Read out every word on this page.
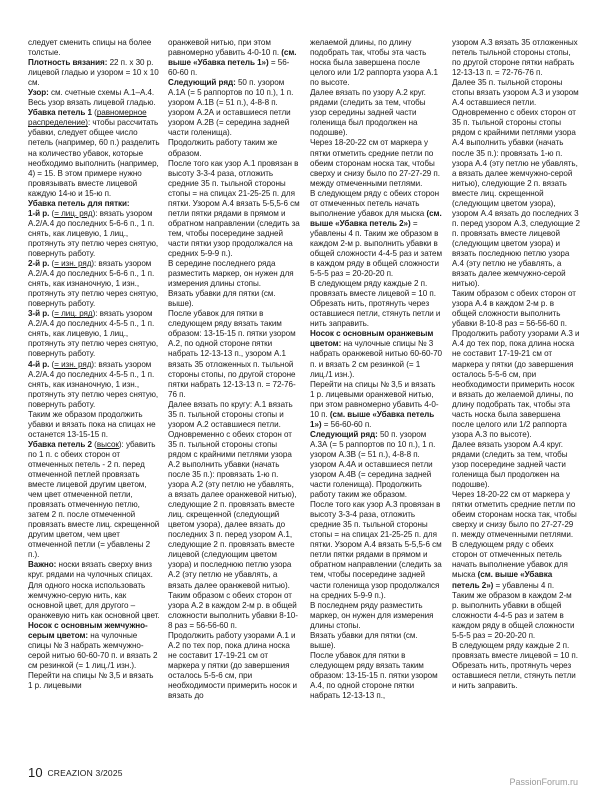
следует сменить спицы на более толстые.

Плотность вязания: 22 п. х 30 р. лицевой гладью и узором = 10 х 10 см.

Узор: см. счетные схемы А.1–А.4. Весь узор вязать лицевой гладью.

Убавка петель 1 (равномерное распределение): чтобы рассчитать убавки, следует общее число петель (например, 60 п.) разделить на количество убавок, которые необходимо выполнить (например, 4) = 15. В этом примере нужно провязывать вместе лицевой каждую 14-ю и 15-ю п.

Убавка петель для пятки:

1-й р. (= лиц. ряд): вязать узором А.2/А.4 до последних 5-6-6 п., 1 п. снять, как лицевую, 1 лиц., протянуть эту петлю через снятую, повернуть работу.

2-й р. (= изн. ряд): вязать узором А.2/А.4 до последних 5-6-6 п., 1 п. снять, как изнаночную, 1 изн., протянуть эту петлю через снятую, повернуть работу.

3-й р. (= лиц. ряд): вязать узором А.2/А.4 до последних 4-5-5 п., 1 п. снять, как лицевую, 1 лиц., протянуть эту петлю через снятую, повернуть работу.

4-й р. (= изн. ряд): вязать узором А.2/А.4 до последних 4-5-5 п., 1 п. снять, как изнаночную, 1 изн., протянуть эту петлю через снятую, повернуть работу.

Таким же образом продолжить убавки и вязать пока на спицах не останется 13-15-15 п.

Убавка петель 2 (высок): убавить по 1 п. с обеих сторон от отмеченных петель - 2 п. перед отмеченной петлей провязать вместе лицевой другим цветом, чем цвет отмеченной петли, провязать отмеченную петлю, затем 2 п. после отмеченной провязать вместе лиц. скрещенной другим цветом, чем цвет отмеченной петли (= убавлены 2 п.).

Важно: носки вязать сверху вниз круг. рядами на чулочных спицах. Для одного носка использовать жемчужно-серую нить, как основной цвет, для другого – оранжевую нить как основной цвет.

Носок с основным жемчужно-серым цветом: на чулочные спицы № 3 набрать жемчужно-серой нитью 60-60-70 п. и вязать 2 см резинкой (= 1 лиц./1 изн.).

Перейти на спицы № 3,5 и вязать 1 р. лицевыми

оранжевой нитью, при этом равномерно убавить 4-0-10 п. (см. выше «Убавка петель 1») = 56-60-60 п.

Следующий ряд: 50 п. узором А.1А (= 5 раппортов по 10 п.), 1 п. узором А.1В (= 51 п.), 4-8-8 п. узором А.2А и оставшиеся петли узором А.2В (= середина задней части голенища).

Продолжить работу таким же образом.

После того как узор А.1 провязан в высоту 3-3-4 раза, отложить средние 35 п. тыльной стороны стопы = на спицах 21-25-25 п. для пятки. Узором А.4 вязать 5-5,5-6 см петли пятки рядами в прямом и обратном направлении (следить за тем, чтобы посередине задней части пятки узор продолжался на средних 5-9-9 п.).

В середине последнего ряда разместить маркер, он нужен для измерения длины стопы.

Вязать убавки для пятки (см. выше).

После убавок для пятки в следующем ряду вязать таким образом: 13-15-15 п. пятки узором А.2, по одной стороне пятки набрать 12-13-13 п., узором А.1 вязать 35 отложенных п. тыльной стороны стопы, по другой стороне пятки набрать 12-13-13 п. = 72-76-76 п.

Далее вязать по кругу: А.1 вязать 35 п. тыльной стороны стопы и узором А.2 оставшиеся петли. Одновременно с обеих сторон от 35 п. тыльной стороны стопы рядом с крайними петлями узора А.2 выполнить убавки (начать после 35 п.): провязать 1-ю п. узора А.2 (эту петлю не убавлять, а вязать далее оранжевой нитью), следующие 2 п. провязать вместе лиц. скрещенной (следующий цветом узора), далее вязать до последних 3 п. перед узором А.1, следующие 2 п. провязать вместе лицевой (следующим цветом узора) и последнюю петлю узора А.2 (эту петлю не убавлять, а вязать далее оранжевой нитью).

Таким образом с обеих сторон от узора А.2 в каждом 2-м р. в общей сложности выполнить убавки 8-10-8 раз = 56-56-60 п.

Продолжить работу узорами А.1 и А.2 по тех пор, пока длина носка не составит 17-19-21 см от маркера у пятки (до завершения осталось 5-5-6 см, при необходимости примерить носок и вязать до

желаемой длины, по длину подобрать так, чтобы эта часть носка была завершена после целого или 1/2 раппорта узора А.1 по высоте.

Далее вязать по узору А.2 круг. рядами (следить за тем, чтобы узор середины задней части голенища был продолжен на подошве).

Через 18-20-22 см от маркера у пятки отметить средние петли по обеим сторонам носка так, чтобы сверху и снизу было по 27-27-29 п. между отмеченными петлями.

В следующем ряду с обеих сторон от отмеченных петель начать выполнение убавок для мыска (см. выше «Убавка петель 2») = убавлены 4 п. Таким же образом в каждом 2-м р. выполнить убавки в общей сложности 4-4-5 раз и затем в каждом ряду в общей сложности 5-5-5 раз = 20-20-20 п.

В следующем ряду каждые 2 п. провязать вместе лицевой = 10 п. Обрезать нить, протянуть через оставшиеся петли, стянуть петли и нить заправить.

Носок с основным оранжевым цветом: на чулочные спицы № 3 набрать оранжевой нитью 60-60-70 п. и вязать 2 см резинкой (= 1 лиц./1 изн.).

Перейти на спицы № 3,5 и вязать 1 р. лицевыми оранжевой нитью, при этом равномерно убавить 4-0-10 п. (см. выше «Убавка петель 1») = 56-60-60 п.

Следующий ряд: 50 п. узором А.3А (= 5 раппортов по 10 п.), 1 п. узором А.3В (= 51 п.), 4-8-8 п. узором А.4А и оставшиеся петли узором А.4В (= середина задней части голенища). Продолжить работу таким же образом.

После того как узор А.3 провязан в высоту 3-3-4 раза, отложить средние 35 п. тыльной стороны стопы = на спицах 21-25-25 п. для пятки. Узором А.4 вязать 5-5,5-6 см петли пятки рядами в прямом и обратном направлении (следить за тем, чтобы посередине задней части голенища узор продолжался на средних 5-9-9 п.).

В последнем ряду разместить маркер, он нужен для измерения длины стопы.

Вязать убавки для пятки (см. выше).

После убавок для пятки в следующем ряду вязать таким образом: 13-15-15 п. пятки узором А.4, по одной стороне пятки набрать 12-13-13 п.,

узором А.3 вязать 35 отложенных петель тыльной стороны стопы, по другой стороне пятки набрать 12-13-13 п. = 72-76-76 п.

Далее 35 п. тыльной стороны стопы вязать узором А.3 и узором А.4 оставшиеся петли.

Одновременно с обеих сторон от 35 п. тыльной стороны стопы рядом с крайними петлями узора А.4 выполнить убавки (начать после 35 п.): провязать 1-ю п. узора А.4 (эту петлю не убавлять, а вязать далее жемчужно-серой нитью), следующие 2 п. вязать вместе лиц. скрещенной (следующим цветом узора), узором А.4 вязать до последних 3 п. перед узором А.3, следующие 2 п. провязать вместе лицевой (следующим цветом узора) и вязать последнюю петлю узора А.4 (эту петлю не убавлять, а вязать далее жемчужно-серой нитью).

Таким образом с обеих сторон от узора А.4 в каждом 2-м р. в общей сложности выполнить убавки 8-10-8 раз = 56-56-60 п.

Продолжить работу узорами А.3 и А.4 до тех пор, пока длина носка не составит 17-19-21 см от маркера у пятки (до завершения осталось 5-5-6 см, при необходимости примерить носок и вязать до желаемой длины, по длину подобрать так, чтобы эта часть носка была завершена после целого или 1/2 раппорта узора А.3 по высоте).

Далее вязать узором А.4 круг. рядами (следить за тем, чтобы узор посередине задней части голенища был продолжен на подошве).

Через 18-20-22 см от маркера у пятки отметить средние петли по обеим сторонам носка так, чтобы сверху и снизу было по 27-27-29 п. между отмеченными петлями.

В следующем ряду с обеих сторон от отмеченных петель начать выполнение убавок для мыска (см. выше «Убавка петель 2») = убавлены 4 п.

Таким же образом в каждом 2-м р. выполнить убавки в общей сложности 4-4-5 раз и затем в каждом ряду в общей сложности 5-5-5 раз = 20-20-20 п.

В следующем ряду каждые 2 п. провязать вместе лицевой = 10 п.

Обрезать нить, протянуть через оставшиеся петли, стянуть петли и нить заправить.

10 CREAZION 3/2025
PassionForum.ru
